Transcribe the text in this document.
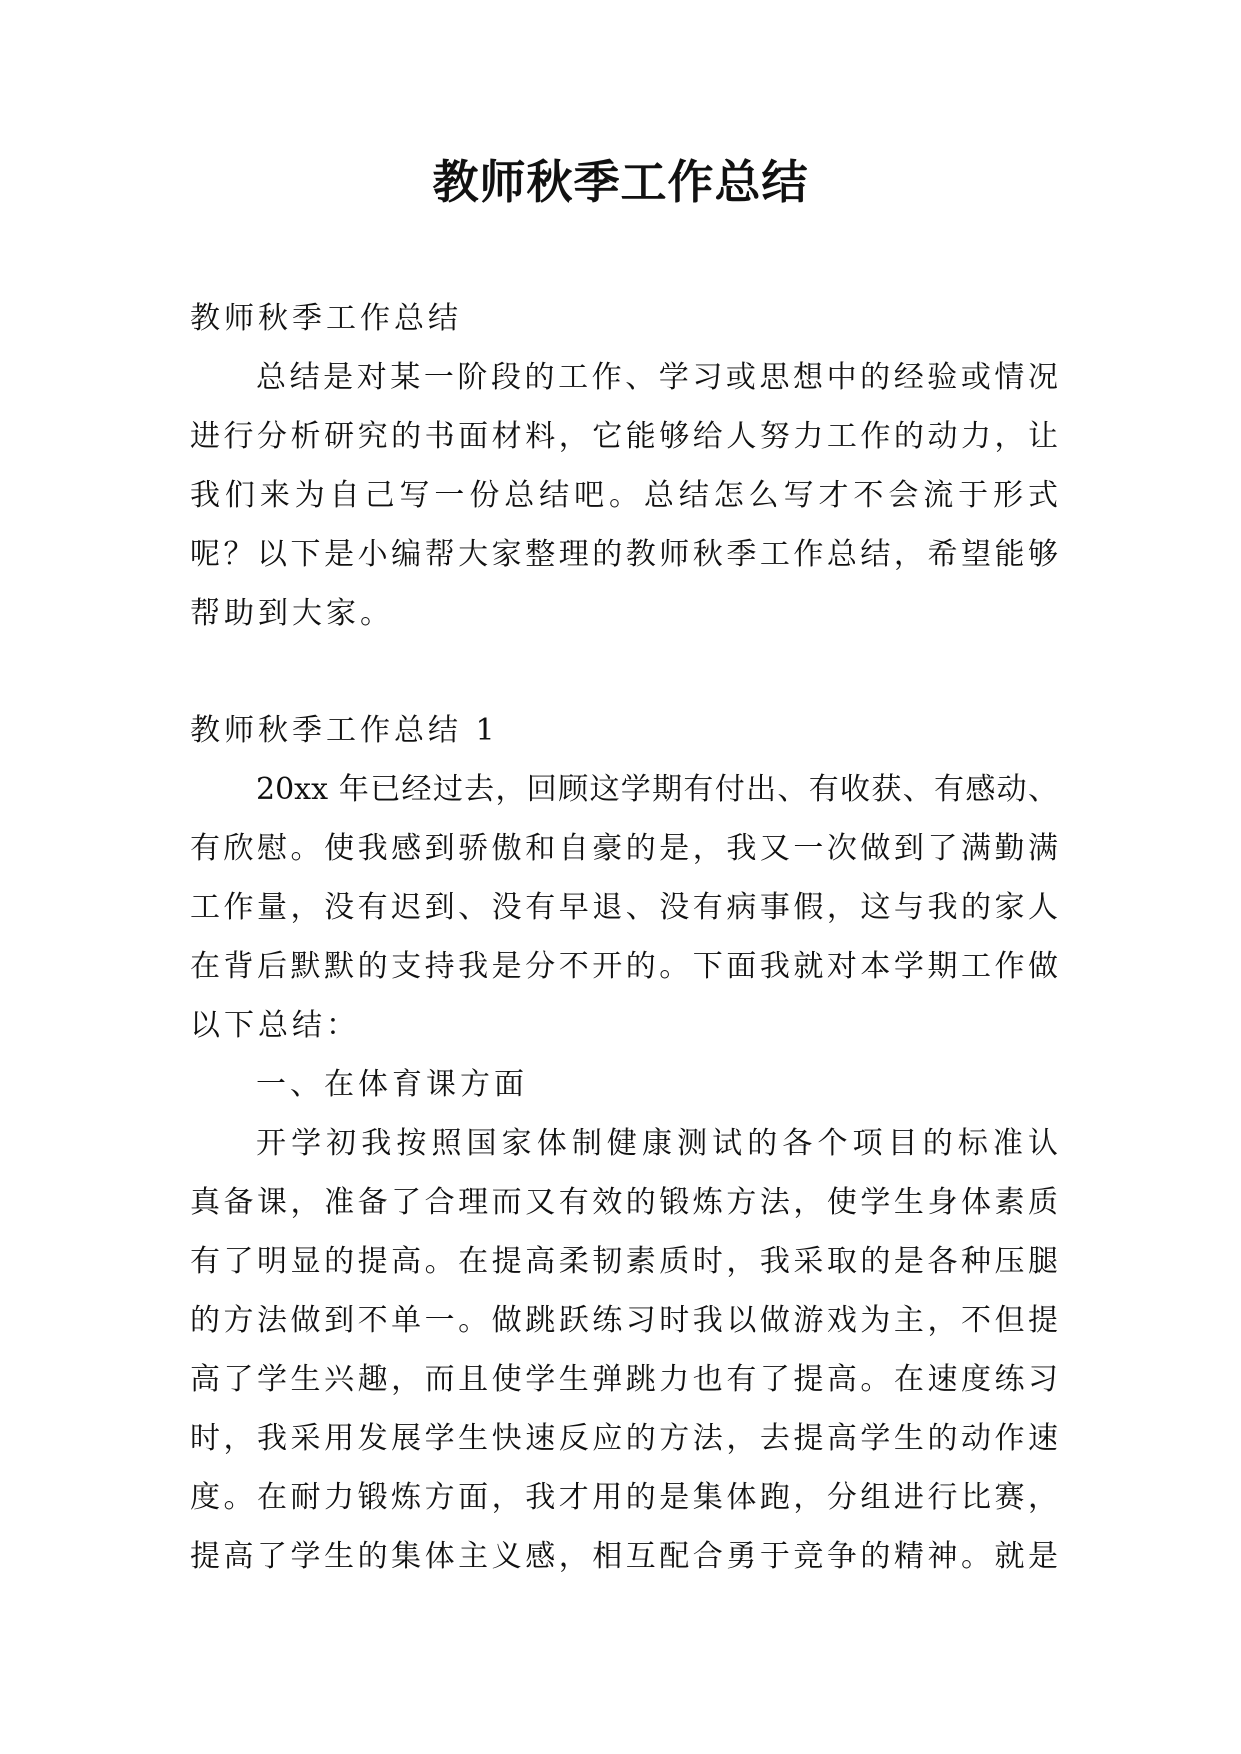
教师秋季工作总结
教师秋季工作总结
总结是对某一阶段的工作、学习或思想中的经验或情况
进行分析研究的书面材料，它能够给人努力工作的动力，让
我们来为自己写一份总结吧。总结怎么写才不会流于形式
呢？以下是小编帮大家整理的教师秋季工作总结，希望能够
帮助到大家。
教师秋季工作总结 1
20xx 年已经过去，回顾这学期有付出、有收获、有感动、
有欣慰。使我感到骄傲和自豪的是，我又一次做到了满勤满
工作量，没有迟到、没有早退、没有病事假，这与我的家人
在背后默默的支持我是分不开的。下面我就对本学期工作做
以下总结：
一、在体育课方面
开学初我按照国家体制健康测试的各个项目的标准认
真备课，准备了合理而又有效的锻炼方法，使学生身体素质
有了明显的提高。在提高柔韧素质时，我采取的是各种压腿
的方法做到不单一。做跳跃练习时我以做游戏为主，不但提
高了学生兴趣，而且使学生弹跳力也有了提高。在速度练习
时，我采用发展学生快速反应的方法，去提高学生的动作速
度。在耐力锻炼方面，我才用的是集体跑，分组进行比赛，
提高了学生的集体主义感，相互配合勇于竞争的精神。就是
